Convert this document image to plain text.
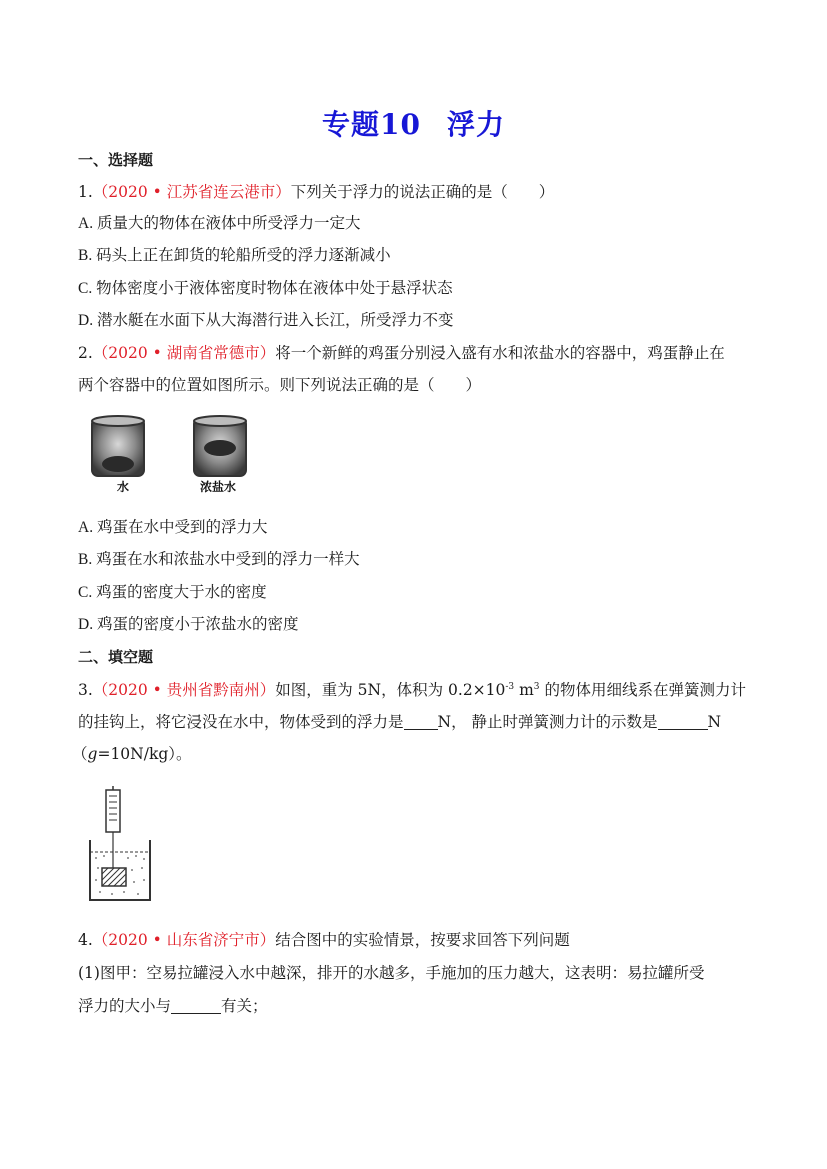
专题10 浮力
一、选择题
1.（2020 • 江苏省连云港市）下列关于浮力的说法正确的是（　　）
A. 质量大的物体在液体中所受浮力一定大
B. 码头上正在卸货的轮船所受的浮力逐渐减小
C. 物体密度小于液体密度时物体在液体中处于悬浮状态
D. 潜水艇在水面下从大海潜行进入长江，所受浮力不变
2.（2020 • 湖南省常德市）将一个新鲜的鸡蛋分别浸入盛有水和浓盐水的容器中，鸡蛋静止在
两个容器中的位置如图所示。则下列说法正确的是（　　）
水	浓盐水
A. 鸡蛋在水中受到的浮力大
B. 鸡蛋在水和浓盐水中受到的浮力一样大
C. 鸡蛋的密度大于水的密度
D. 鸡蛋的密度小于浓盐水的密度
二、填空题
3.（2020 • 贵州省黔南州）如图，重为 5N，体积为 $0.2\times 10^{-3}$ $m^3$ 的物体用细线系在弹簧测力计
的挂钩上，将它浸没在水中，物体受到的浮力是 N， 静止时弹簧测力计的示数是	N
（g=10N/kg）。
4.（2020 • 山东省济宁市）结合图中的实验情景，按要求回答下列问题
(1)图甲：空易拉罐浸入水中越深，排开的水越多，手施加的压力越大，这表明：易拉罐所受
浮力的大小与	有关；
